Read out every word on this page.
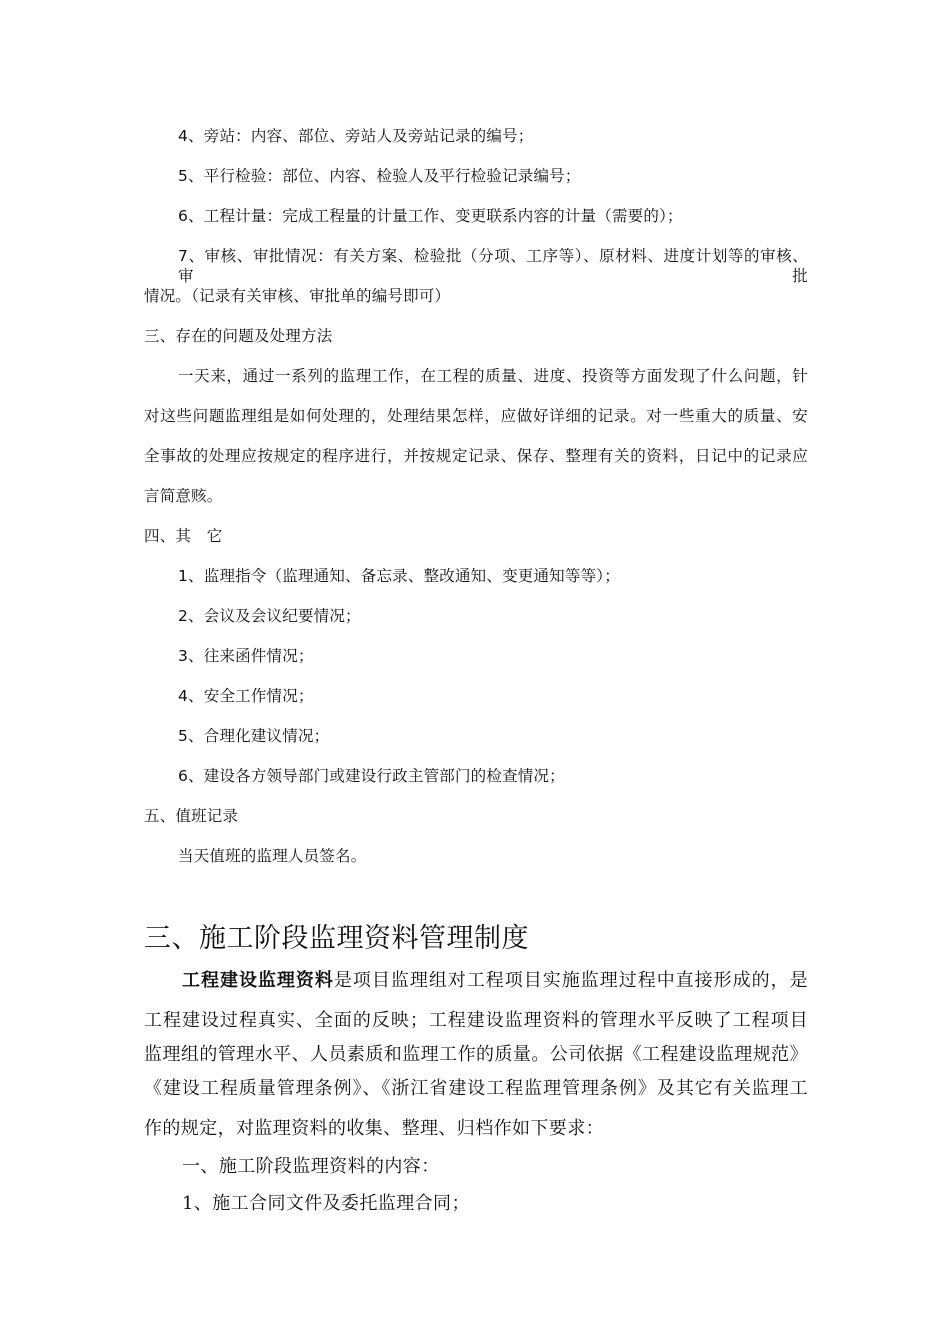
4、旁站：内容、部位、旁站人及旁站记录的编号；
5、平行检验：部位、内容、检验人及平行检验记录编号；
6、工程计量：完成工程量的计量工作、变更联系内容的计量（需要的）；
7、审核、审批情况：有关方案、检验批（分项、工序等）、原材料、进度计划等的审核、审批
情况。（记录有关审核、审批单的编号即可）
三、存在的问题及处理方法
一天来，通过一系列的监理工作，在工程的质量、进度、投资等方面发现了什么问题，针
对这些问题监理组是如何处理的，处理结果怎样，应做好详细的记录。对一些重大的质量、安
全事故的处理应按规定的程序进行，并按规定记录、保存、整理有关的资料，日记中的记录应
言简意赅。
四、其　它
1、监理指令（监理通知、备忘录、整改通知、变更通知等等）；
2、会议及会议纪要情况；
3、往来函件情况；
4、安全工作情况；
5、合理化建议情况；
6、建设各方领导部门或建设行政主管部门的检查情况；
五、值班记录
当天值班的监理人员签名。
三、施工阶段监理资料管理制度
工程建设监理资料是项目监理组对工程项目实施监理过程中直接形成的，是
工程建设过程真实、全面的反映；工程建设监理资料的管理水平反映了工程项目
监理组的管理水平、人员素质和监理工作的质量。公司依据《工程建设监理规范》
《建设工程质量管理条例》、《浙江省建设工程监理管理条例》及其它有关监理工
作的规定，对监理资料的收集、整理、归档作如下要求：
一、施工阶段监理资料的内容：
1、施工合同文件及委托监理合同；
